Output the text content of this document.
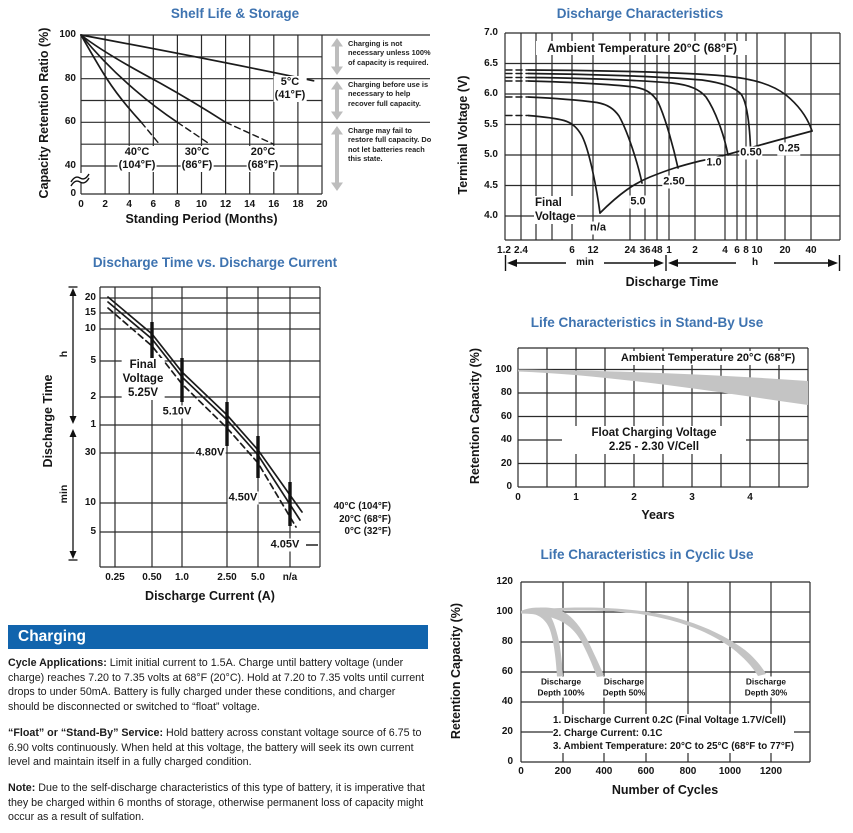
Shelf Life & Storage
100
80
60
40
0
0 2 4 6 8 10 12 14 16 18 20
Standing Period (Months)
Capacity Retention Ratio (%)	40°C
(104°F)
30°C
(86°F)
20°C
(68°F)
5°C
(41°F)
Charging is not necessary unless 100% of capacity is required.
Charging before use is necessary to help recover full capacity.
Charge may fail to restore full capacity. Do not let batteries reach this state.
Discharge Characteristics
Ambient Temperature 20°C (68°F)
7.0
6.5
6.0
5.5
5.0
4.5
4.0
1.2 2.4	6 12	24 36 48 1 2 4 6 8 10 20 40
min	h
Discharge Time
Terminal Voltage (V)
Final
Voltage
0.25
0.50
1.0
2.50
5.0
n/a
Discharge Time vs. Discharge Current
20
15
10
5
2
1
30
10
5
0.25 0.50 1.0	2.50 5.0 n/a
Discharge Current (A)
Discharge Time
h
min
Final
Voltage
5.25V
5.10V
4.80V
4.50V
4.05V
40°C (104°F)
20°C (68°F)
0°C (32°F)
Life Characteristics in Stand-By Use
Ambient Temperature 20°C (68°F)
Float Charging Voltage
2.25 - 2.30 V/Cell
100
80
60
40
20
0
0	1	2	3	4
Years
Retention Capacity (%)
Life Characteristics in Cyclic Use
120
100
80
60
40
20
0
0	200 400	600	800 1000 1200
Number of Cycles
Retention Capacity (%)	Discharge
Depth 100%
Discharge
Depth 50%
Discharge
Depth 30%
1. Discharge Current 0.2C (Final Voltage 1.7V/Cell)
2. Charge Current: 0.1C
3. Ambient Temperature: 20°C to 25°C (68°F to 77°F)
Charging

Cycle Applications: Limit initial current to 1.5A. Charge until battery voltage (under charge) reaches 7.20 to 7.35 volts at 68°F (20°C). Hold at 7.20 to 7.35 volts until current drops to under 50mA. Battery is fully charged under these conditions, and charger should be disconnected or switched to “float” voltage.

“Float” or “Stand-By” Service: Hold battery across constant voltage source of 6.75 to 6.90 volts continuously. When held at this voltage, the battery will seek its own current level and maintain itself in a fully charged condition.

Note: Due to the self-discharge characteristics of this type of battery, it is imperative that they be charged within 6 months of storage, otherwise permanent loss of capacity might occur as a result of sulfation.
